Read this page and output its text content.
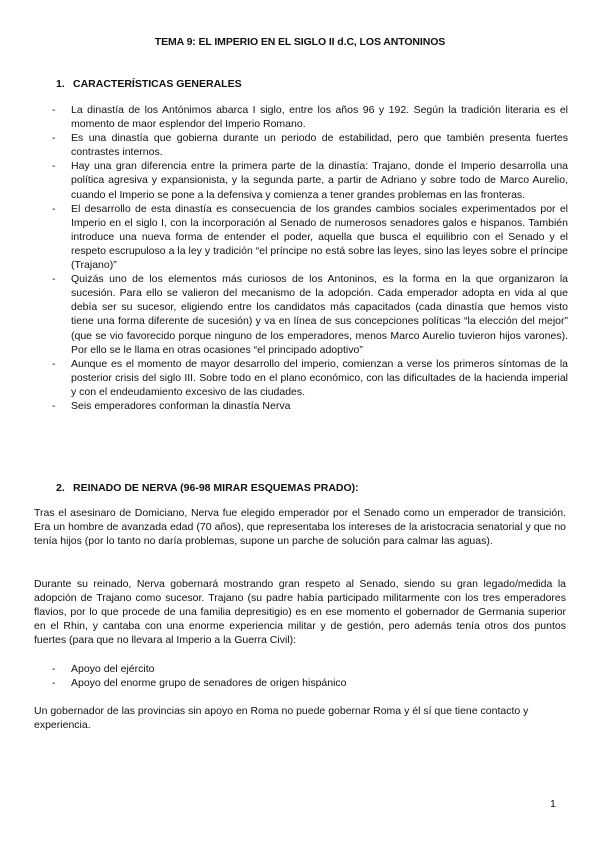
TEMA 9: EL IMPERIO EN EL SIGLO II d.C, LOS ANTONINOS
1. CARACTERÍSTICAS GENERALES
- La dinastía de los Antónimos abarca I siglo, entre los años 96 y 192. Según la tradición literaria es el momento de maor esplendor del Imperio Romano.
- Es una dinastía que gobierna durante un periodo de estabilidad, pero que también presenta fuertes contrastes internos.
- Hay una gran diferencia entre la primera parte de la dinastía: Trajano, donde el Imperio desarrolla una política agresiva y expansionista, y la segunda parte, a partir de Adriano y sobre todo de Marco Aurelio, cuando el Imperio se pone a la defensiva y comienza a tener grandes problemas en las fronteras.
- El desarrollo de esta dinastía es consecuencia de los grandes cambios sociales experimentados por el Imperio en el siglo I, con la incorporación al Senado de numerosos senadores galos e hispanos. También introduce una nueva forma de entender el poder, aquella que busca el equilibrio con el Senado y el respeto escrupuloso a la ley y tradición “el príncipe no está sobre las leyes, sino las leyes sobre el príncipe (Trajano)”
- Quizás uno de los elementos más curiosos de los Antoninos, es la forma en la que organizaron la sucesión. Para ello se valieron del mecanismo de la adopción. Cada emperador adopta en vida al que debía ser su sucesor, eligiendo entre los candidatos más capacitados (cada dinastía que hemos visto tiene una forma diferente de sucesión) y va en línea de sus concepciones políticas “la elección del mejor” (que se vio favorecido porque ninguno de los emperadores, menos Marco Aurelio tuvieron hijos varones). Por ello se le llama en otras ocasiones “el principado adoptivo”
- Aunque es el momento de mayor desarrollo del imperio, comienzan a verse los primeros síntomas de la posterior crisis del siglo III. Sobre todo en el plano económico, con las dificultades de la hacienda imperial y con el endeudamiento excesivo de las ciudades.
- Seis emperadores conforman la dinastía Nerva
2. REINADO DE NERVA (96-98 MIRAR ESQUEMAS PRADO):

Tras el asesinaro de Domiciano, Nerva fue elegido emperador por el Senado como un emperador de transición. Era un hombre de avanzada edad (70 años), que representaba los intereses de la aristocracia senatorial y que no tenía hijos (por lo tanto no daría problemas, supone un parche de solución para calmar las aguas).

Durante su reinado, Nerva gobernará mostrando gran respeto al Senado, siendo su gran legado/medida la adopción de Trajano como sucesor. Trajano (su padre había participado militarmente con los tres emperadores flavios, por lo que procede de una familia depresitigio) es en ese momento el gobernador de Germania superior en el Rhin, y cantaba con una enorme experiencia militar y de gestión, pero además tenía otros dos puntos fuertes (para que no llevara al Imperio a la Guerra Civil):

- Apoyo del ejército
- Apoyo del enorme grupo de senadores de origen hispánico

Un gobernador de las provincias sin apoyo en Roma no puede gobernar Roma y él sí que tiene contacto y experiencia.

1
